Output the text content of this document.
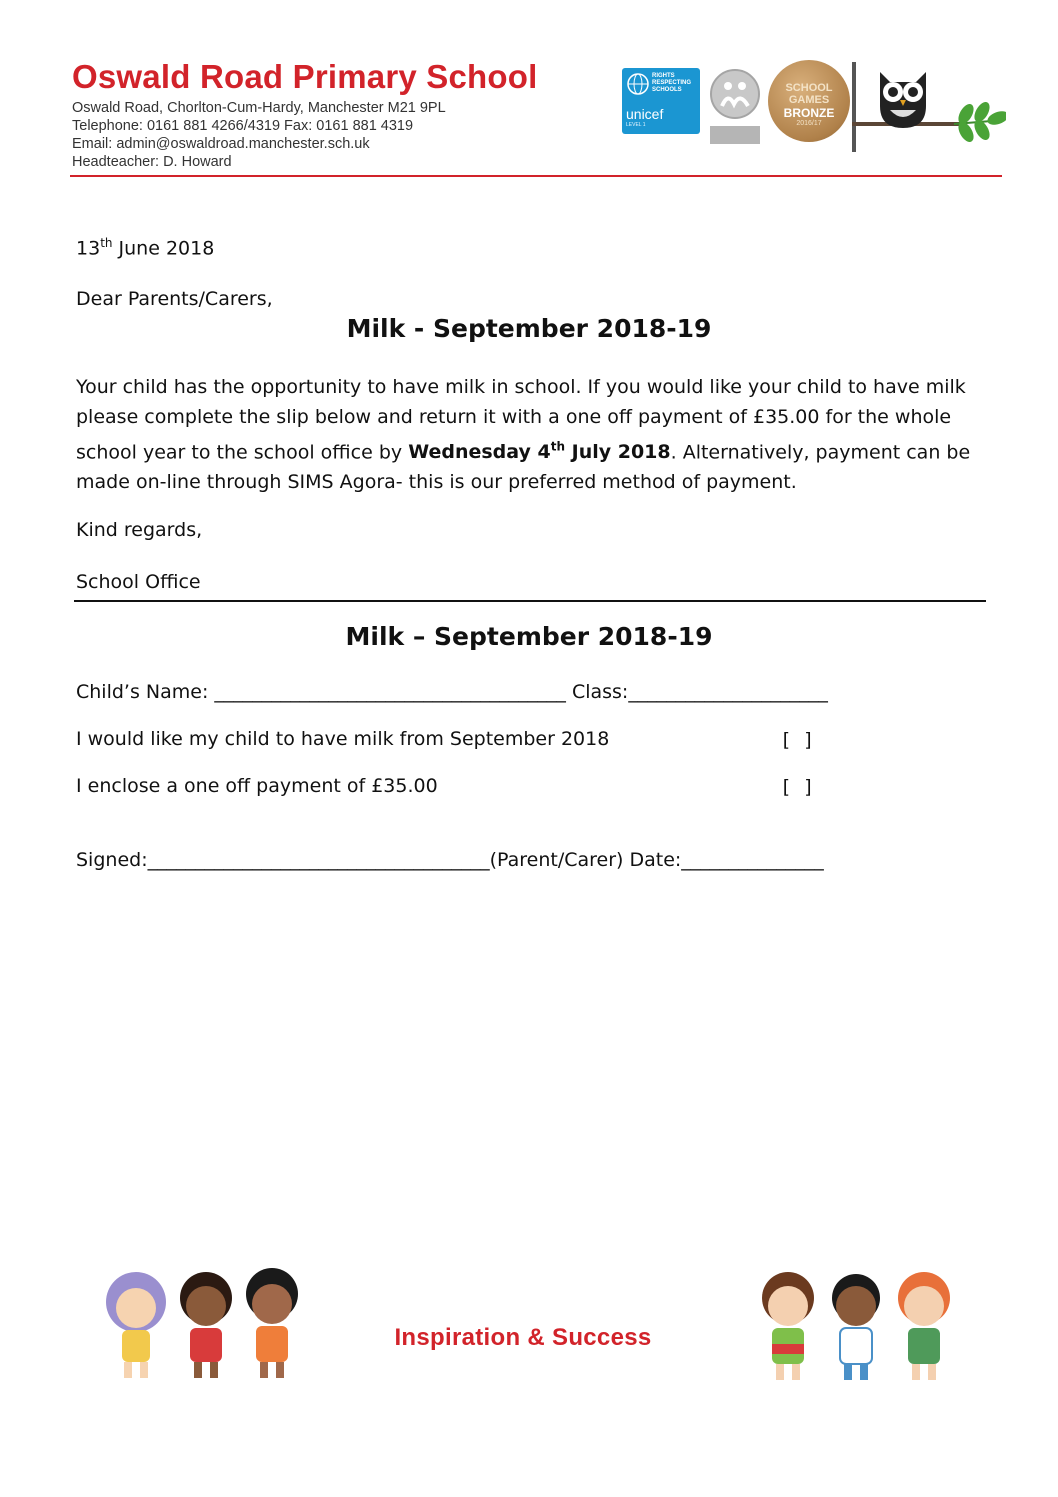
Oswald Road Primary School
Oswald Road, Chorlton-Cum-Hardy, Manchester M21 9PL
Telephone: 0161 881 4266/4319 Fax: 0161 881 4319
Email: admin@oswaldroad.manchester.sch.uk
Headteacher: D. Howard
RIGHTS RESPECTING SCHOOLS
unicef
LEVEL 1
SCHOOL GAMES
BRONZE
2016/17
13th June 2018
Dear Parents/Carers,
Milk - September 2018-19

Your child has the opportunity to have milk in school. If you would like your child to have milk please complete the slip below and return it with a one off payment of £35.00 for the whole school year to the school office by Wednesday 4th July 2018. Alternatively, payment can be made on-line through SIMS Agora- this is our preferred method of payment.

Kind regards,
School Office
Milk – September 2018-19
Child’s Name: _____________________________________ Class:_____________________
I would like my child to have milk from September 2018	[ ]
I enclose a one off payment of £35.00	[ ]
Signed:____________________________________(Parent/Carer) Date:_______________
Inspiration & Success
